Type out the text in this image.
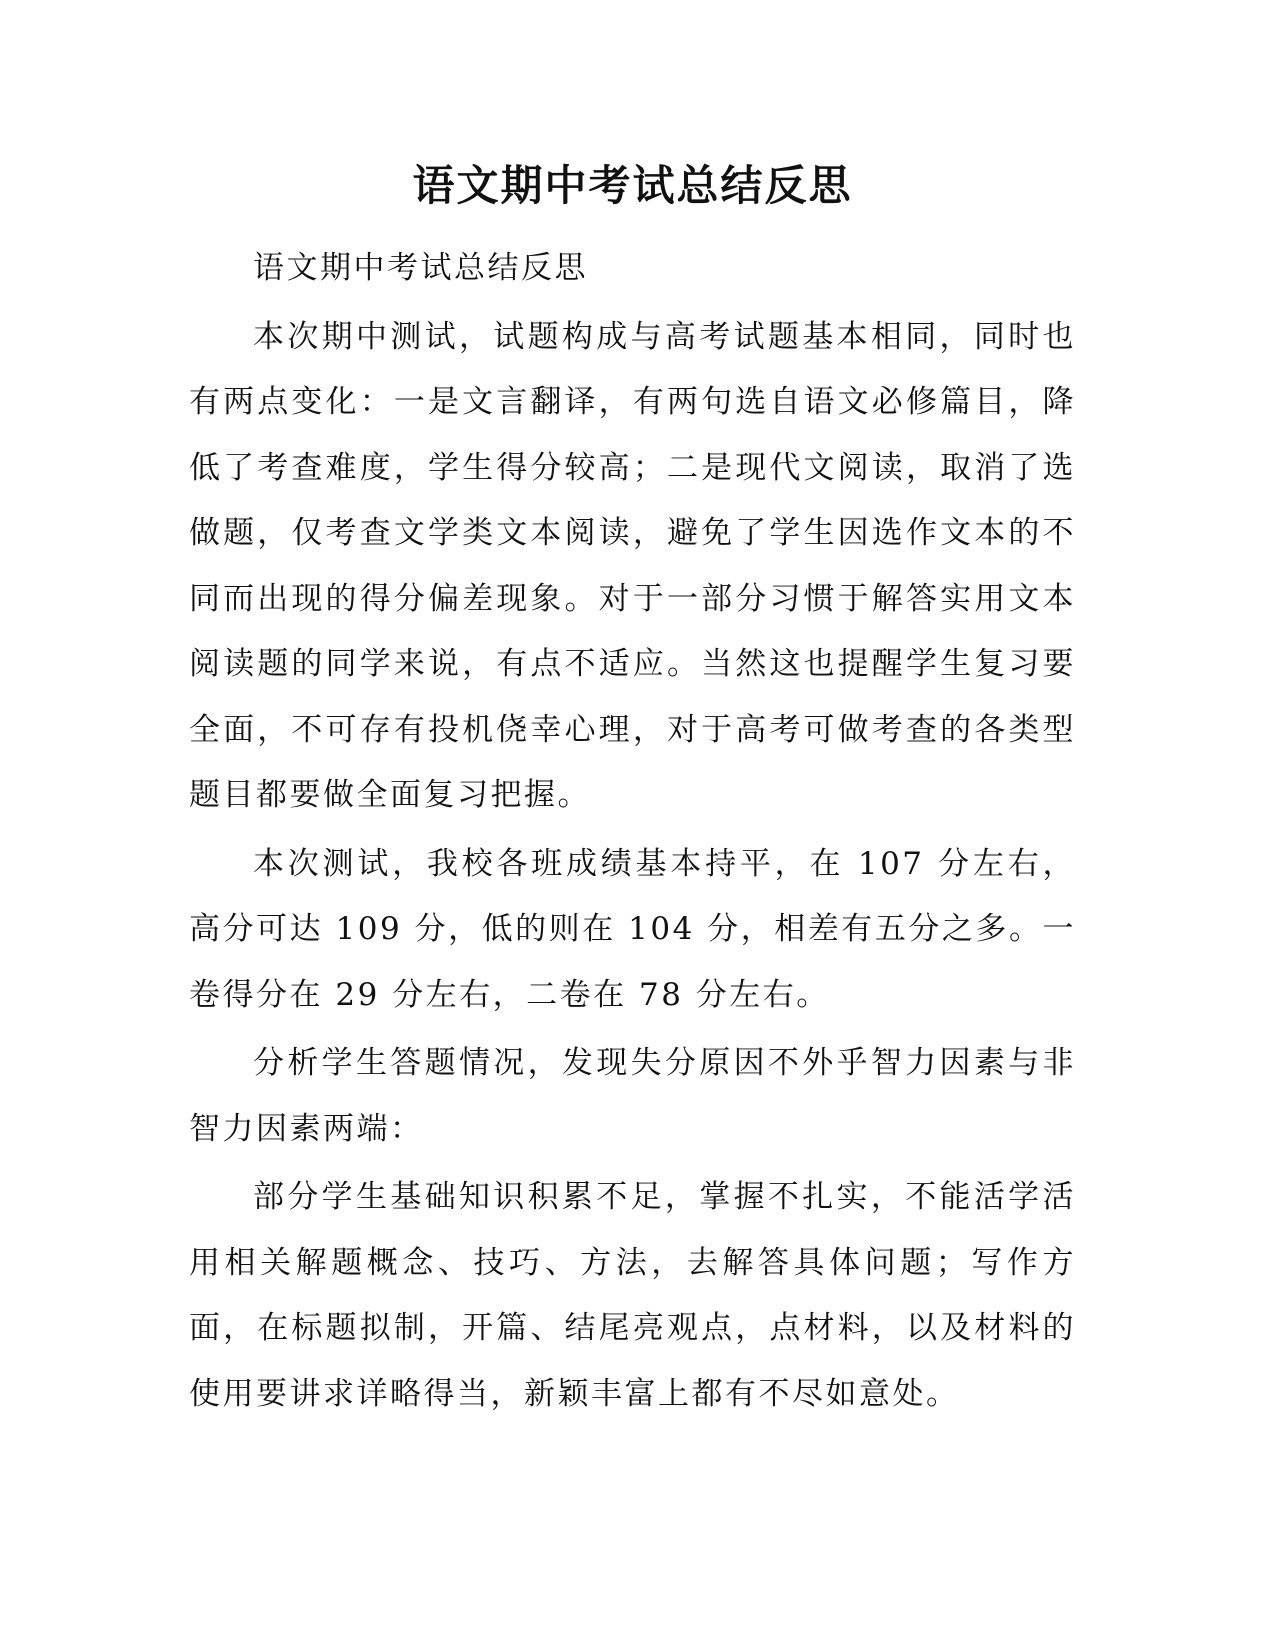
语文期中考试总结反思

语文期中考试总结反思

本次期中测试，试题构成与高考试题基本相同，同时也有两点变化：一是文言翻译，有两句选自语文必修篇目，降低了考查难度，学生得分较高；二是现代文阅读，取消了选做题，仅考查文学类文本阅读，避免了学生因选作文本的不同而出现的得分偏差现象。对于一部分习惯于解答实用文本阅读题的同学来说，有点不适应。当然这也提醒学生复习要全面，不可存有投机侥幸心理，对于高考可做考查的各类型题目都要做全面复习把握。

本次测试，我校各班成绩基本持平，在 107 分左右，高分可达 109 分，低的则在 104 分，相差有五分之多。一卷得分在 29 分左右，二卷在 78 分左右。

分析学生答题情况，发现失分原因不外乎智力因素与非智力因素两端：

部分学生基础知识积累不足，掌握不扎实，不能活学活用相关解题概念、技巧、方法，去解答具体问题；写作方面，在标题拟制，开篇、结尾亮观点，点材料，以及材料的使用要讲求详略得当，新颖丰富上都有不尽如意处。
